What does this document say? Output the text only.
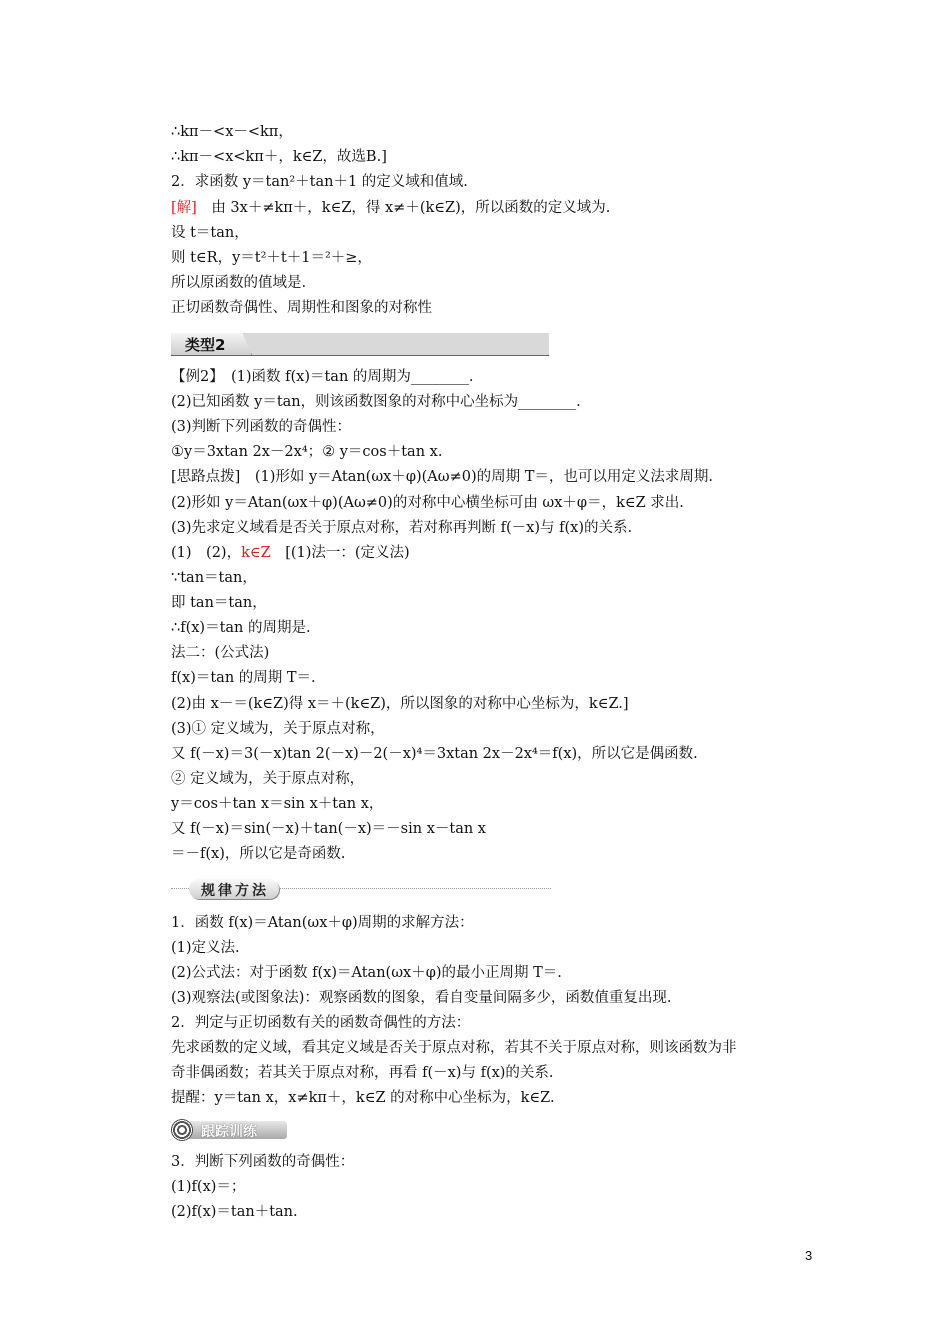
∴kπ－<x－<kπ，
∴kπ－<x<kπ＋，k∈Z，故选B.]
2．求函数 y＝tan²＋tan＋1 的定义域和值域.
[解]　由 3x＋≠kπ＋，k∈Z，得 x≠＋(k∈Z)，所以函数的定义域为.
设 t＝tan，
则 t∈R，y＝t²＋t＋1＝²＋≥，
所以原函数的值域是.
正切函数奇偶性、周期性和图象的对称性
类型2
【例2】　(1)函数 f(x)＝tan 的周期为________.
(2)已知函数 y＝tan，则该函数图象的对称中心坐标为________.
(3)判断下列函数的奇偶性：
①y＝3xtan 2x－2x⁴；② y＝cos＋tan x.
[思路点拨]　(1)形如 y＝Atan(ωx＋φ)(Aω≠0)的周期 T＝，也可以用定义法求周期.
(2)形如 y＝Atan(ωx＋φ)(Aω≠0)的对称中心横坐标可由 ωx＋φ＝，k∈Z 求出.
(3)先求定义域看是否关于原点对称，若对称再判断 f(－x)与 f(x)的关系.
(1)　(2)，k∈Z　[(1)法一：(定义法)
∵tan＝tan，
即 tan＝tan，
∴f(x)＝tan 的周期是.
法二：(公式法)
f(x)＝tan 的周期 T＝.
(2)由 x－＝(k∈Z)得 x＝＋(k∈Z)，所以图象的对称中心坐标为，k∈Z.]
(3)① 定义域为，关于原点对称，
又 f(－x)＝3(－x)tan 2(－x)－2(－x)⁴＝3xtan 2x－2x⁴＝f(x)，所以它是偶函数.
② 定义域为，关于原点对称，
y＝cos＋tan x＝sin x＋tan x，
又 f(－x)＝sin(－x)＋tan(－x)＝－sin x－tan x
＝－f(x)，所以它是奇函数.
规律方法
1．函数 f(x)＝Atan(ωx＋φ)周期的求解方法：
(1)定义法.
(2)公式法：对于函数 f(x)＝Atan(ωx＋φ)的最小正周期 T＝.
(3)观察法(或图象法)：观察函数的图象，看自变量间隔多少，函数值重复出现.
2．判定与正切函数有关的函数奇偶性的方法：
先求函数的定义域，看其定义域是否关于原点对称，若其不关于原点对称，则该函数为非
奇非偶函数；若其关于原点对称，再看 f(－x)与 f(x)的关系.
提醒：y＝tan x，x≠kπ＋，k∈Z 的对称中心坐标为，k∈Z.
跟踪训练
3．判断下列函数的奇偶性：
(1)f(x)＝；
(2)f(x)＝tan＋tan.
3
